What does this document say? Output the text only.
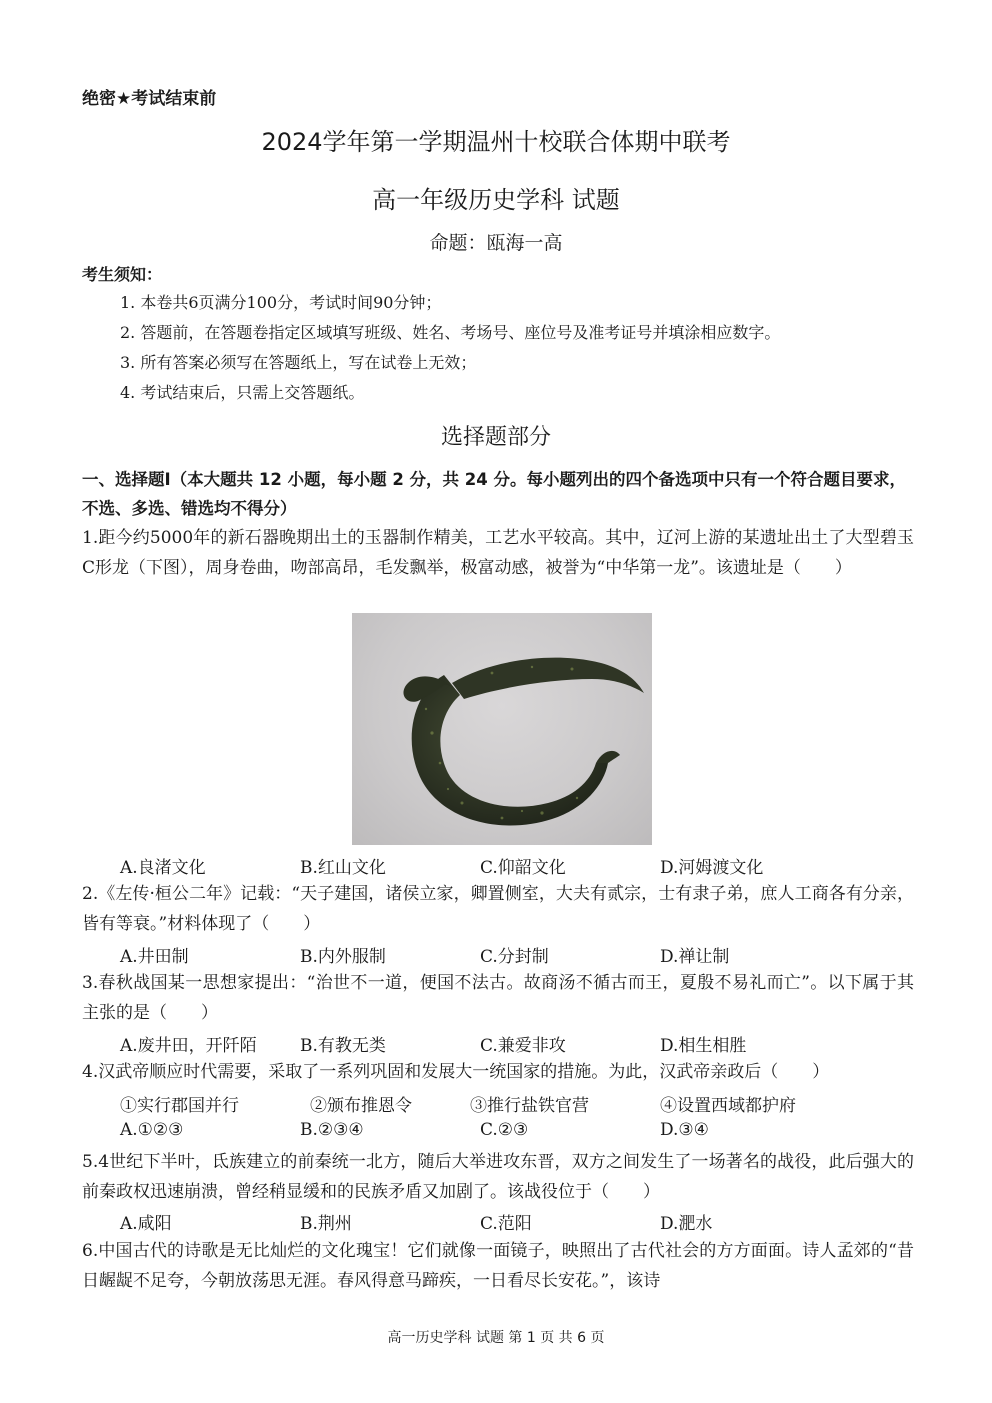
绝密★考试结束前
2024学年第一学期温州十校联合体期中联考
高一年级历史学科 试题
命题：瓯海一高
考生须知：
1. 本卷共6页满分100分，考试时间90分钟；
2. 答题前，在答题卷指定区域填写班级、姓名、考场号、座位号及准考证号并填涂相应数字。
3. 所有答案必须写在答题纸上，写在试卷上无效；
4. 考试结束后，只需上交答题纸。
选择题部分
一、选择题Ⅰ（本大题共 12 小题，每小题 2 分，共 24 分。每小题列出的四个备选项中只有一个符合题目要求，不选、多选、错选均不得分）
1.距今约5000年的新石器晚期出土的玉器制作精美，工艺水平较高。其中，辽河上游的某遗址出土了大型碧玉C形龙（下图），周身卷曲，吻部高昂，毛发飘举，极富动感，被誉为“中华第一龙”。该遗址是（　　）
A.良渚文化	B.红山文化	C.仰韶文化	D.河姆渡文化
2.《左传·桓公二年》记载：“天子建国，诸侯立家，卿置侧室，大夫有贰宗，士有隶子弟，庶人工商各有分亲，皆有等衰。”材料体现了（　　）
A.井田制	B.内外服制	C.分封制	D.禅让制
3.春秋战国某一思想家提出：“治世不一道，便国不法古。故商汤不循古而王，夏殷不易礼而亡”。以下属于其主张的是（　　）
A.废井田，开阡陌	B.有教无类	C.兼爱非攻	D.相生相胜
4.汉武帝顺应时代需要，采取了一系列巩固和发展大一统国家的措施。为此，汉武帝亲政后（　　）
①实行郡国并行	②颁布推恩令	③推行盐铁官营	④设置西域都护府
A.①②③	B.②③④	C.②③	D.③④
5.4世纪下半叶，氐族建立的前秦统一北方，随后大举进攻东晋，双方之间发生了一场著名的战役，此后强大的前秦政权迅速崩溃，曾经稍显缓和的民族矛盾又加剧了。该战役位于（　　）
A.咸阳	B.荆州	C.范阳	D.淝水
6.中国古代的诗歌是无比灿烂的文化瑰宝！它们就像一面镜子，映照出了古代社会的方方面面。诗人孟郊的“昔日龌龊不足夸，今朝放荡思无涯。春风得意马蹄疾，一日看尽长安花。”，该诗
高一历史学科 试题 第 1 页 共 6 页
